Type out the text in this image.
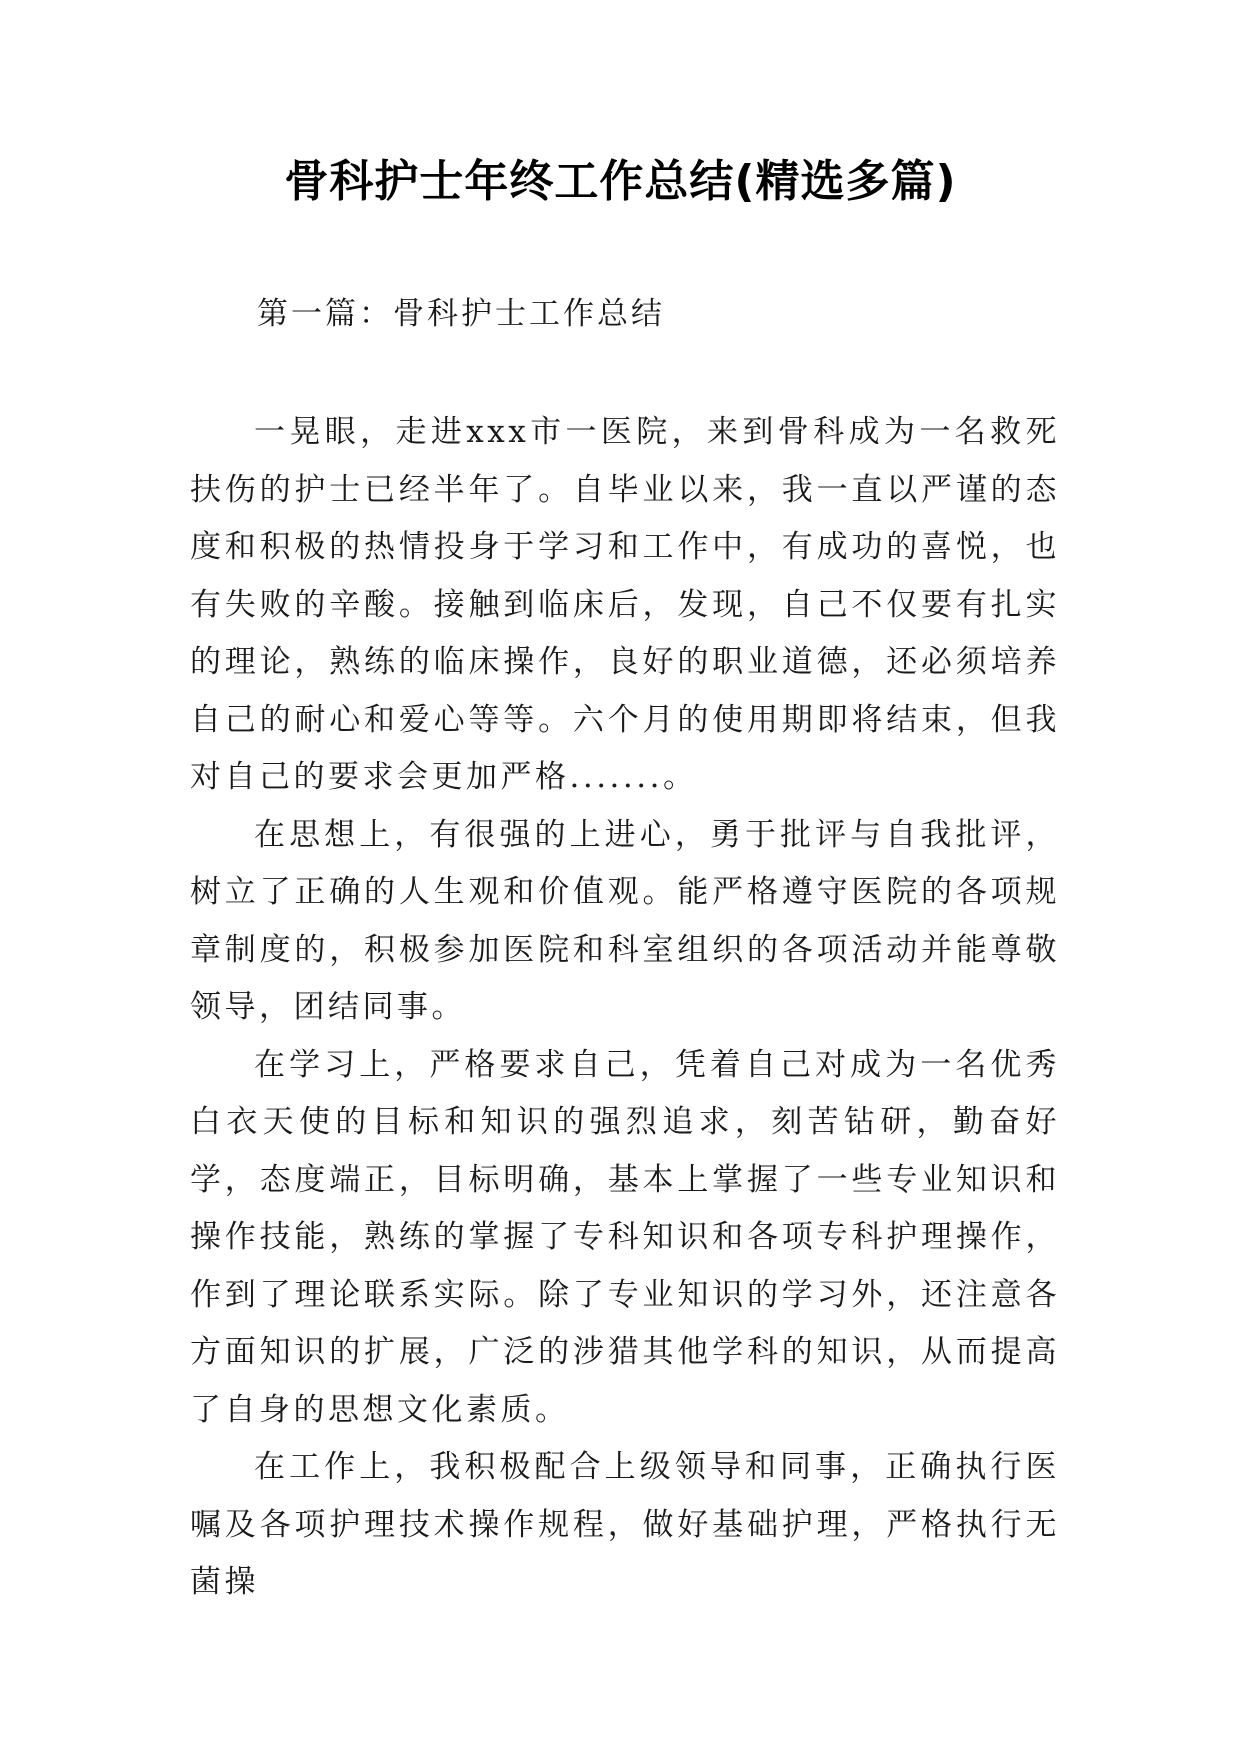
骨科护士年终工作总结(精选多篇)
第一篇：骨科护士工作总结

一晃眼，走进xxx市一医院，来到骨科成为一名救死扶伤的护士已经半年了。自毕业以来，我一直以严谨的态度和积极的热情投身于学习和工作中，有成功的喜悦，也有失败的辛酸。接触到临床后，发现，自己不仅要有扎实的理论，熟练的临床操作，良好的职业道德，还必须培养自己的耐心和爱心等等。六个月的使用期即将结束，但我对自己的要求会更加严格.......。

在思想上，有很强的上进心，勇于批评与自我批评，树立了正确的人生观和价值观。能严格遵守医院的各项规章制度的，积极参加医院和科室组织的各项活动并能尊敬领导，团结同事。

在学习上，严格要求自己，凭着自己对成为一名优秀白衣天使的目标和知识的强烈追求，刻苦钻研，勤奋好学，态度端正，目标明确，基本上掌握了一些专业知识和操作技能，熟练的掌握了专科知识和各项专科护理操作，作到了理论联系实际。除了专业知识的学习外，还注意各方面知识的扩展，广泛的涉猎其他学科的知识，从而提高了自身的思想文化素质。

在工作上，我积极配合上级领导和同事，正确执行医嘱及各项护理技术操作规程，做好基础护理，严格执行无菌操
